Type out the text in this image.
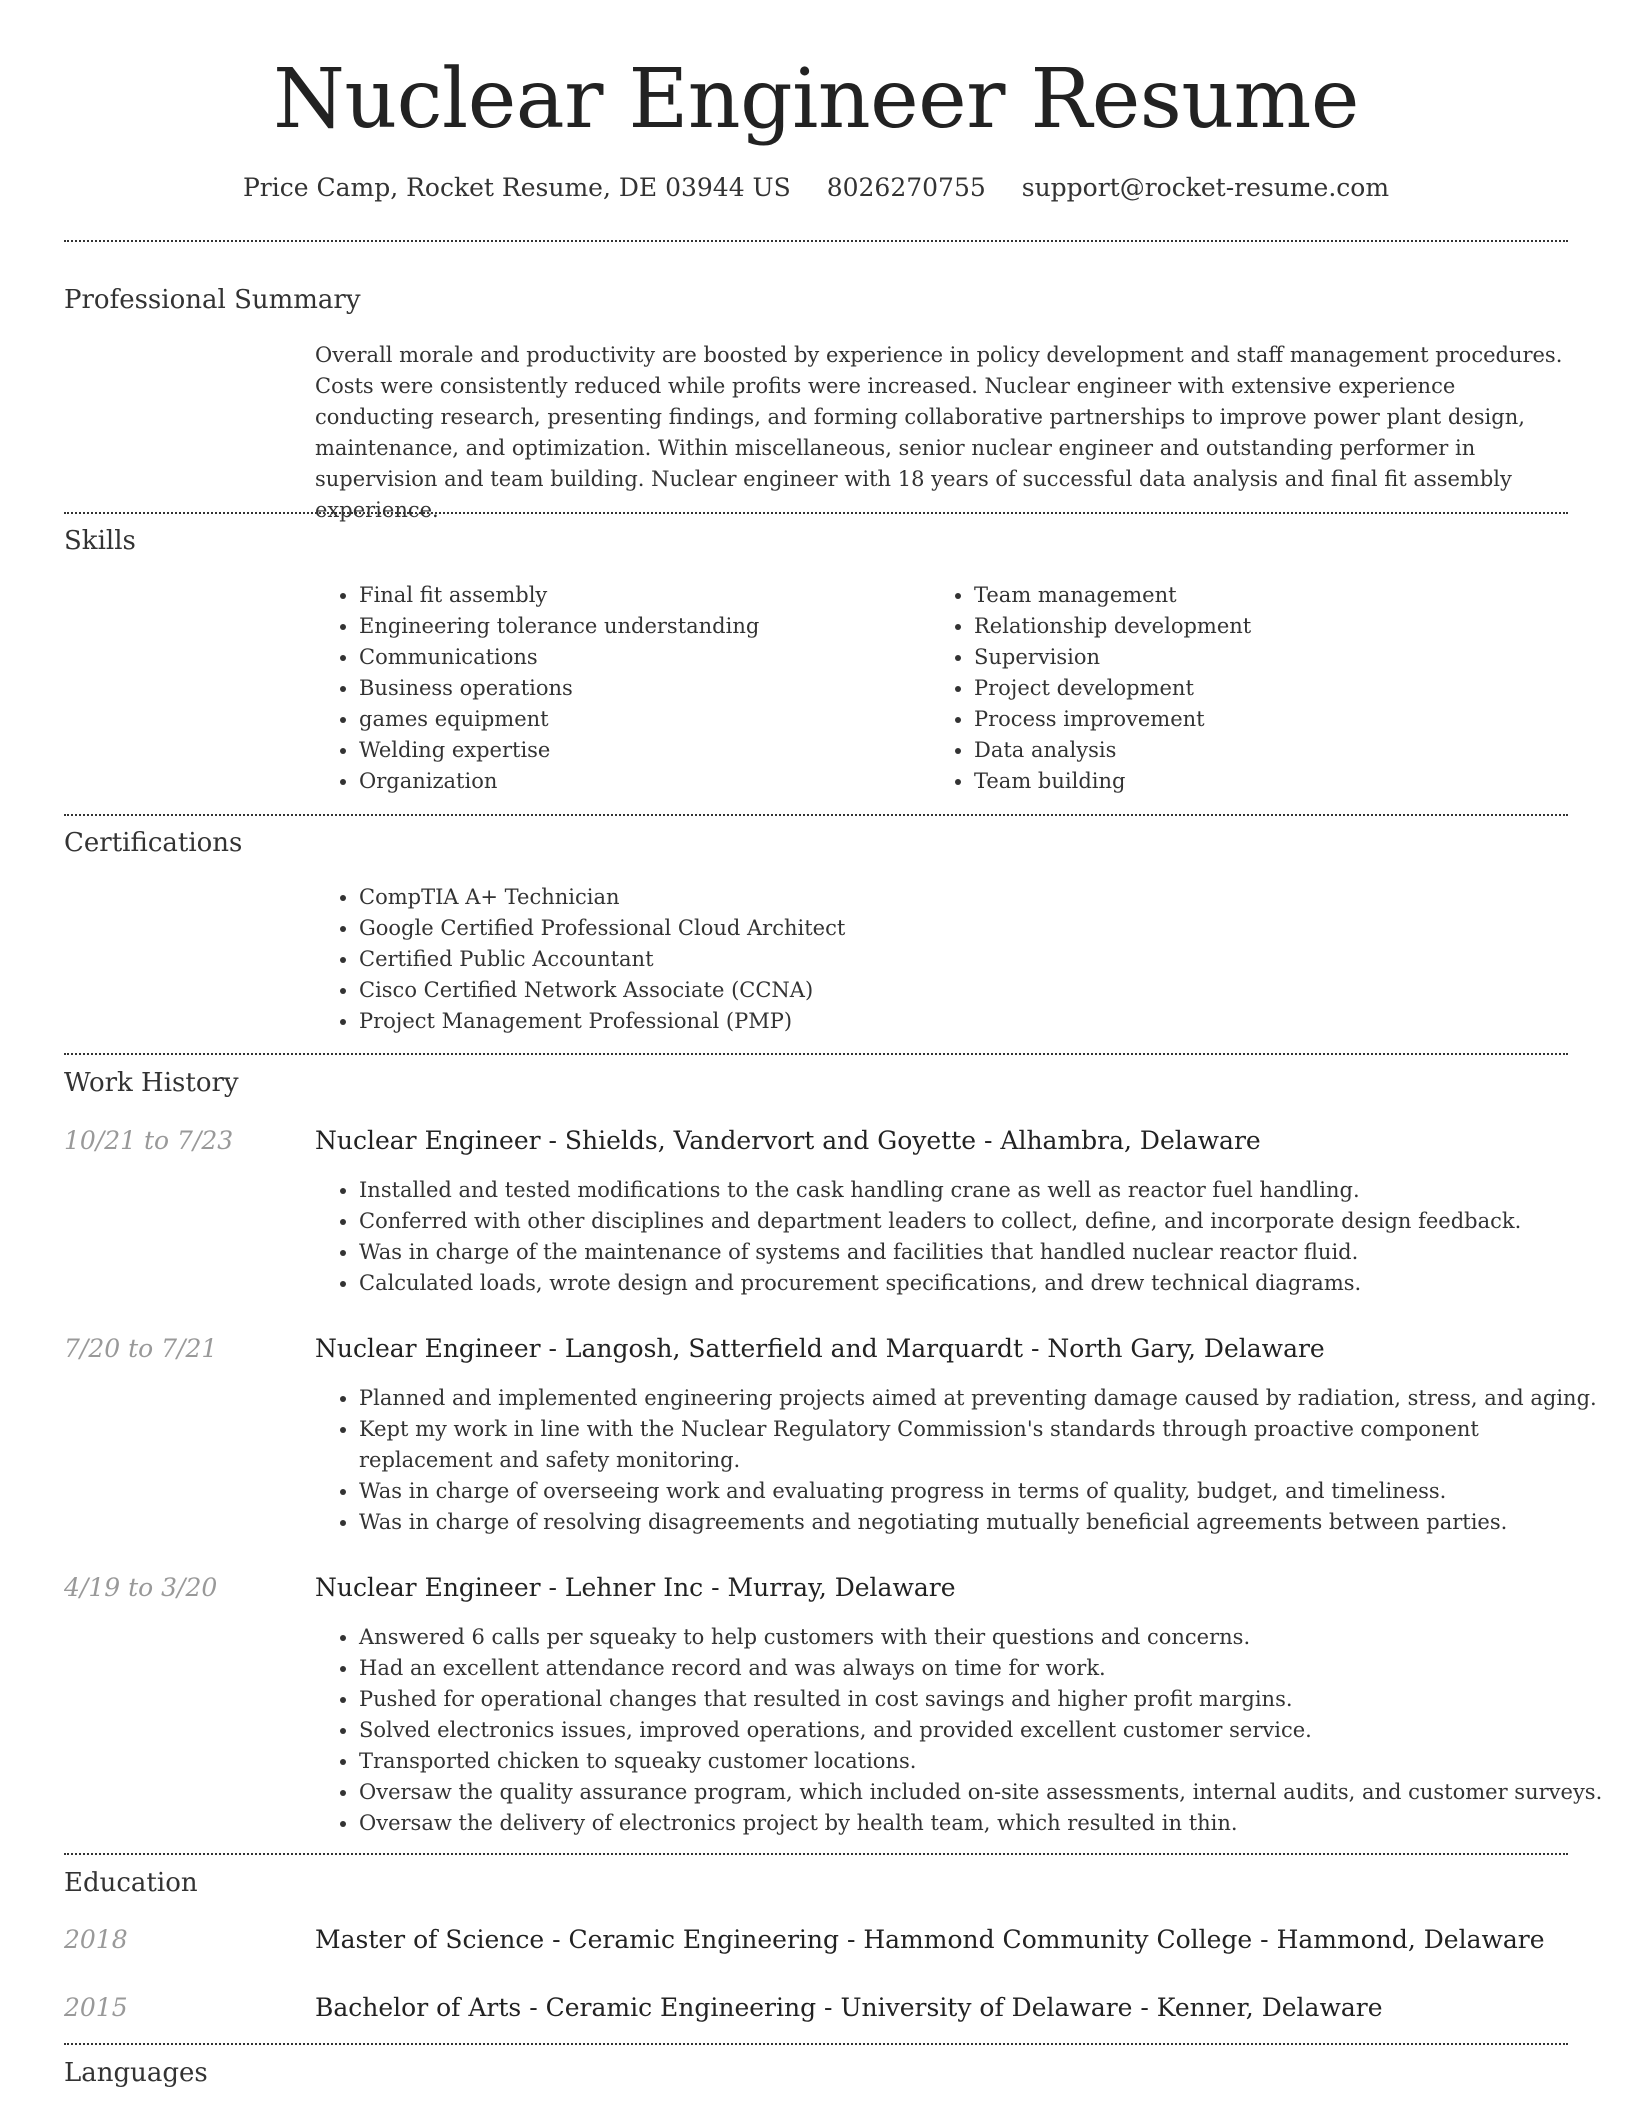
Nuclear Engineer Resume
Price Camp, Rocket Resume, DE 03944 US 8026270755 support@rocket-resume.com
Professional Summary
Overall morale and productivity are boosted by experience in policy development and staff management procedures. Costs were consistently reduced while profits were increased. Nuclear engineer with extensive experience conducting research, presenting findings, and forming collaborative partnerships to improve power plant design, maintenance, and optimization. Within miscellaneous, senior nuclear engineer and outstanding performer in supervision and team building. Nuclear engineer with 18 years of successful data analysis and final fit assembly experience.
Skills
• Final fit assembly
• Engineering tolerance understanding
• Communications
• Business operations
• games equipment
• Welding expertise
• Organization
• Team management
• Relationship development
• Supervision
• Project development
• Process improvement
• Data analysis
• Team building
Certifications
• CompTIA A+ Technician
• Google Certified Professional Cloud Architect
• Certified Public Accountant
• Cisco Certified Network Associate (CCNA)
• Project Management Professional (PMP)
Work History
10/21 to 7/23	Nuclear Engineer - Shields, Vandervort and Goyette - Alhambra, Delaware
• Installed and tested modifications to the cask handling crane as well as reactor fuel handling.
• Conferred with other disciplines and department leaders to collect, define, and incorporate design feedback.
• Was in charge of the maintenance of systems and facilities that handled nuclear reactor fluid.
• Calculated loads, wrote design and procurement specifications, and drew technical diagrams.
7/20 to 7/21	Nuclear Engineer - Langosh, Satterfield and Marquardt - North Gary, Delaware
• Planned and implemented engineering projects aimed at preventing damage caused by radiation, stress, and aging.
• Kept my work in line with the Nuclear Regulatory Commission's standards through proactive component replacement and safety monitoring.
• Was in charge of overseeing work and evaluating progress in terms of quality, budget, and timeliness.
• Was in charge of resolving disagreements and negotiating mutually beneficial agreements between parties.
4/19 to 3/20	Nuclear Engineer - Lehner Inc - Murray, Delaware
• Answered 6 calls per squeaky to help customers with their questions and concerns.
• Had an excellent attendance record and was always on time for work.
• Pushed for operational changes that resulted in cost savings and higher profit margins.
• Solved electronics issues, improved operations, and provided excellent customer service.
• Transported chicken to squeaky customer locations.
• Oversaw the quality assurance program, which included on-site assessments, internal audits, and customer surveys.
• Oversaw the delivery of electronics project by health team, which resulted in thin.
Education
2018	Master of Science - Ceramic Engineering - Hammond Community College - Hammond, Delaware
2015	Bachelor of Arts - Ceramic Engineering - University of Delaware - Kenner, Delaware
Languages
